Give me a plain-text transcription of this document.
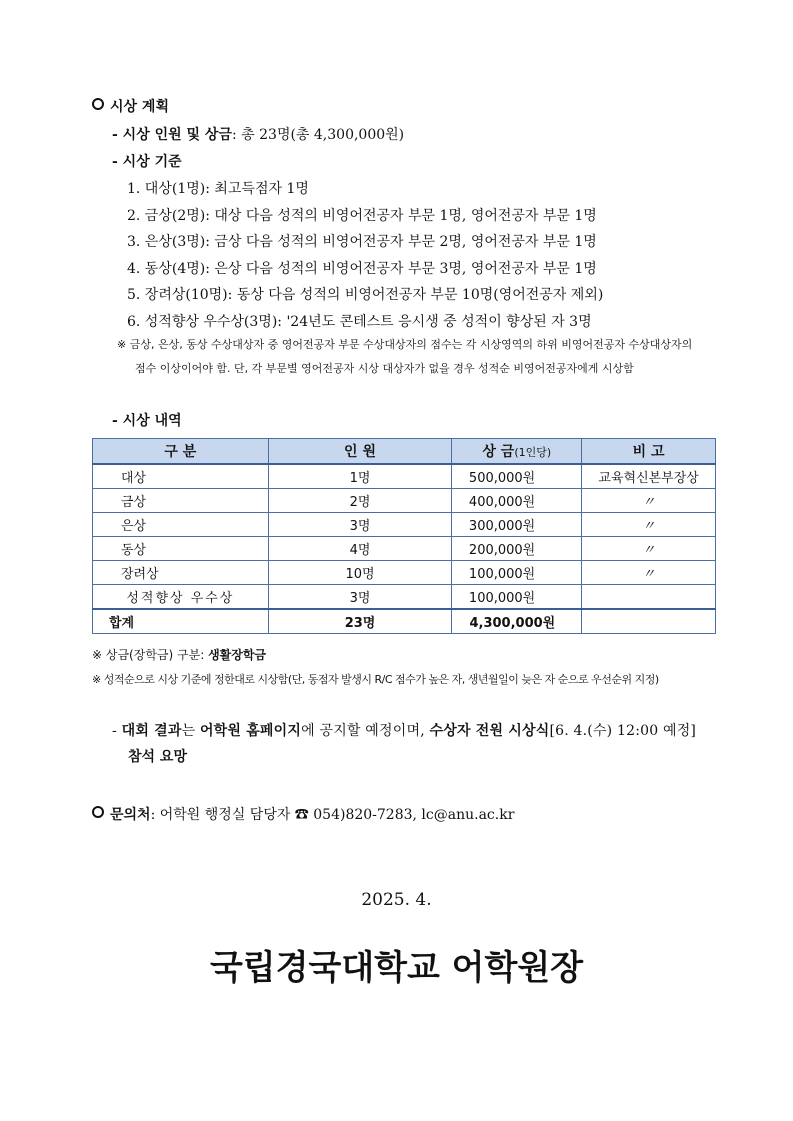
시상 계획
- 시상 인원 및 상금: 총 23명(총 4,300,000원)
- 시상 기준
1. 대상(1명): 최고득점자 1명
2. 금상(2명): 대상 다음 성적의 비영어전공자 부문 1명, 영어전공자 부문 1명
3. 은상(3명): 금상 다음 성적의 비영어전공자 부문 2명, 영어전공자 부문 1명
4. 동상(4명): 은상 다음 성적의 비영어전공자 부문 3명, 영어전공자 부문 1명
5. 장려상(10명): 동상 다음 성적의 비영어전공자 부문 10명(영어전공자 제외)
6. 성적향상 우수상(3명): '24년도 콘테스트 응시생 중 성적이 향상된 자 3명
※ 금상, 은상, 동상 수상대상자 중 영어전공자 부문 수상대상자의 점수는 각 시상영역의 하위 비영어전공자 수상대상자의
점수 이상이어야 함. 단, 각 부문별 영어전공자 시상 대상자가 없을 경우 성적순 비영어전공자에게 시상함
- 시상 내역
구 분	인 원	상 금(1인당)	비 고
대상	1명	500,000원	교육혁신본부장상
금상	2명	400,000원	〃
은상	3명	300,000원	〃
동상	4명	200,000원	〃
장려상	10명	100,000원	〃
성적향상 우수상	3명	100,000원	
합계	23명	4,300,000원	
※ 상금(장학금) 구분: 생활장학금
※ 성적순으로 시상 기준에 정한대로 시상함(단, 동점자 발생시 R/C 점수가 높은 자, 생년월일이 늦은 자 순으로 우선순위 지정)
- 대회 결과는 어학원 홈페이지에 공지할 예정이며, 수상자 전원 시상식[6. 4.(수) 12:00 예정]
참석 요망
문의처: 어학원 행정실 담당자 ☎ 054)820-7283, lc@anu.ac.kr
2025. 4.
국립경국대학교 어학원장
